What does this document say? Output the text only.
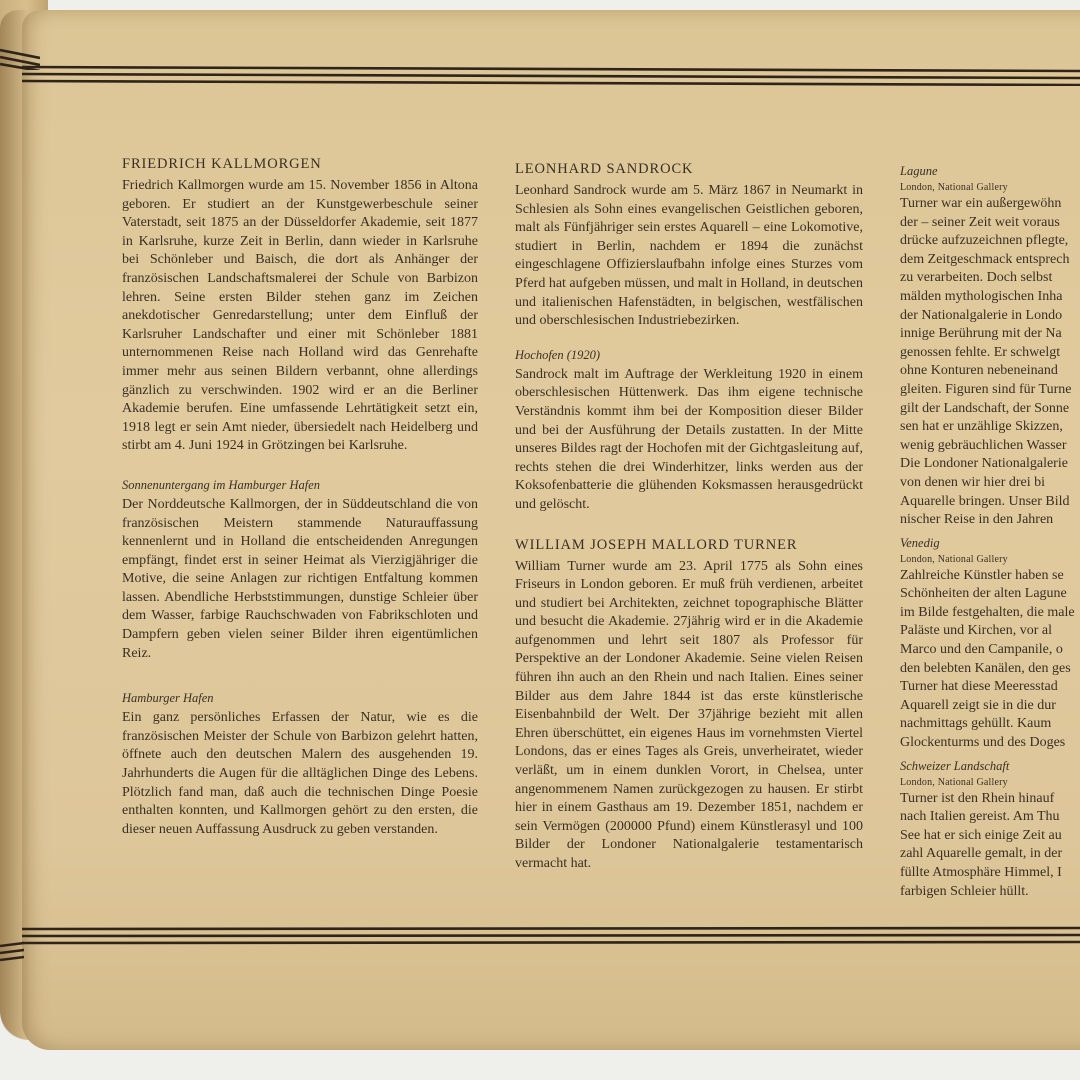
FRIEDRICH KALLMORGEN

Friedrich Kallmorgen wurde am 15. November 1856 in Altona geboren. Er studiert an der Kunstgewerbeschule seiner Vaterstadt, seit 1875 an der Düsseldorfer Akademie, seit 1877 in Karlsruhe, kurze Zeit in Berlin, dann wieder in Karlsruhe bei Schönleber und Baisch, die dort als Anhänger der französischen Landschaftsmalerei der Schule von Barbizon lehren. Seine ersten Bilder stehen ganz im Zeichen anekdotischer Genredarstellung; unter dem Einfluß der Karlsruher Landschafter und einer mit Schönleber 1881 unternommenen Reise nach Holland wird das Genrehafte immer mehr aus seinen Bildern verbannt, ohne allerdings gänzlich zu verschwinden. 1902 wird er an die Berliner Akademie berufen. Eine umfassende Lehrtätigkeit setzt ein, 1918 legt er sein Amt nieder, übersiedelt nach Heidelberg und stirbt am 4. Juni 1924 in Grötzingen bei Karlsruhe.

Sonnenuntergang im Hamburger Hafen

Der Norddeutsche Kallmorgen, der in Süddeutschland die von französischen Meistern stammende Naturauffassung kennenlernt und in Holland die entscheidenden Anregungen empfängt, findet erst in seiner Heimat als Vierzigjähriger die Motive, die seine Anlagen zur richtigen Entfaltung kommen lassen. Abendliche Herbststimmungen, dunstige Schleier über dem Wasser, farbige Rauchschwaden von Fabrikschloten und Dampfern geben vielen seiner Bilder ihren eigentümlichen Reiz.

Hamburger Hafen

Ein ganz persönliches Erfassen der Natur, wie es die französischen Meister der Schule von Barbizon gelehrt hatten, öffnete auch den deutschen Malern des ausgehenden 19. Jahrhunderts die Augen für die alltäglichen Dinge des Lebens. Plötzlich fand man, daß auch die technischen Dinge Poesie enthalten konnten, und Kallmorgen gehört zu den ersten, die dieser neuen Auffassung Ausdruck zu geben verstanden.

LEONHARD SANDROCK

Leonhard Sandrock wurde am 5. März 1867 in Neumarkt in Schlesien als Sohn eines evangelischen Geistlichen geboren, malt als Fünfjähriger sein erstes Aquarell – eine Lokomotive, studiert in Berlin, nachdem er 1894 die zunächst eingeschlagene Offizierslaufbahn infolge eines Sturzes vom Pferd hat aufgeben müssen, und malt in Holland, in deutschen und italienischen Hafenstädten, in belgischen, westfälischen und oberschlesischen Industriebezirken.

Hochofen (1920)

Sandrock malt im Auftrage der Werkleitung 1920 in einem oberschlesischen Hüttenwerk. Das ihm eigene technische Verständnis kommt ihm bei der Komposition dieser Bilder und bei der Ausführung der Details zustatten. In der Mitte unseres Bildes ragt der Hochofen mit der Gichtgasleitung auf, rechts stehen die drei Winderhitzer, links werden aus der Koksofenbatterie die glühenden Koksmassen herausgedrückt und gelöscht.

WILLIAM JOSEPH MALLORD TURNER

William Turner wurde am 23. April 1775 als Sohn eines Friseurs in London geboren. Er muß früh verdienen, arbeitet und studiert bei Architekten, zeichnet topographische Blätter und besucht die Akademie. 27jährig wird er in die Akademie aufgenommen und lehrt seit 1807 als Professor für Perspektive an der Londoner Akademie. Seine vielen Reisen führen ihn auch an den Rhein und nach Italien. Eines seiner Bilder aus dem Jahre 1844 ist das erste künstlerische Eisenbahnbild der Welt. Der 37jährige bezieht mit allen Ehren überschüttet, ein eigenes Haus im vornehmsten Viertel Londons, das er eines Tages als Greis, unverheiratet, wieder verläßt, um in einem dunklen Vorort, in Chelsea, unter angenommenem Namen zurückgezogen zu hausen. Er stirbt hier in einem Gasthaus am 19. Dezember 1851, nachdem er sein Vermögen (200000 Pfund) einem Künstlerasyl und 100 Bilder der Londoner Nationalgalerie testamentarisch vermacht hat.

Lagune
London, National Gallery

Turner war ein außergewöhn

der – seiner Zeit weit voraus

drücke aufzuzeichnen pflegte,

dem Zeitgeschmack entsprech

zu verarbeiten. Doch selbst

mälden mythologischen Inha

der Nationalgalerie in Londo

innige Berührung mit der Na

genossen fehlte. Er schwelgt

ohne Konturen nebeneinand

gleiten. Figuren sind für Turne

gilt der Landschaft, der Sonne

sen hat er unzählige Skizzen,

wenig gebräuchlichen Wasser

Die Londoner Nationalgalerie

von denen wir hier drei bi

Aquarelle bringen. Unser Bild

nischer Reise in den Jahren

Venedig
London, National Gallery

Zahlreiche Künstler haben se

Schönheiten der alten Lagune

im Bilde festgehalten, die male

Paläste und Kirchen, vor al

Marco und den Campanile, o

den belebten Kanälen, den ges

Turner hat diese Meeresstad

Aquarell zeigt sie in die dur

nachmittags gehüllt. Kaum

Glockenturms und des Doges

Schweizer Landschaft
London, National Gallery

Turner ist den Rhein hinauf

nach Italien gereist. Am Thu

See hat er sich einige Zeit au

zahl Aquarelle gemalt, in der

füllte Atmosphäre Himmel, I

farbigen Schleier hüllt.
